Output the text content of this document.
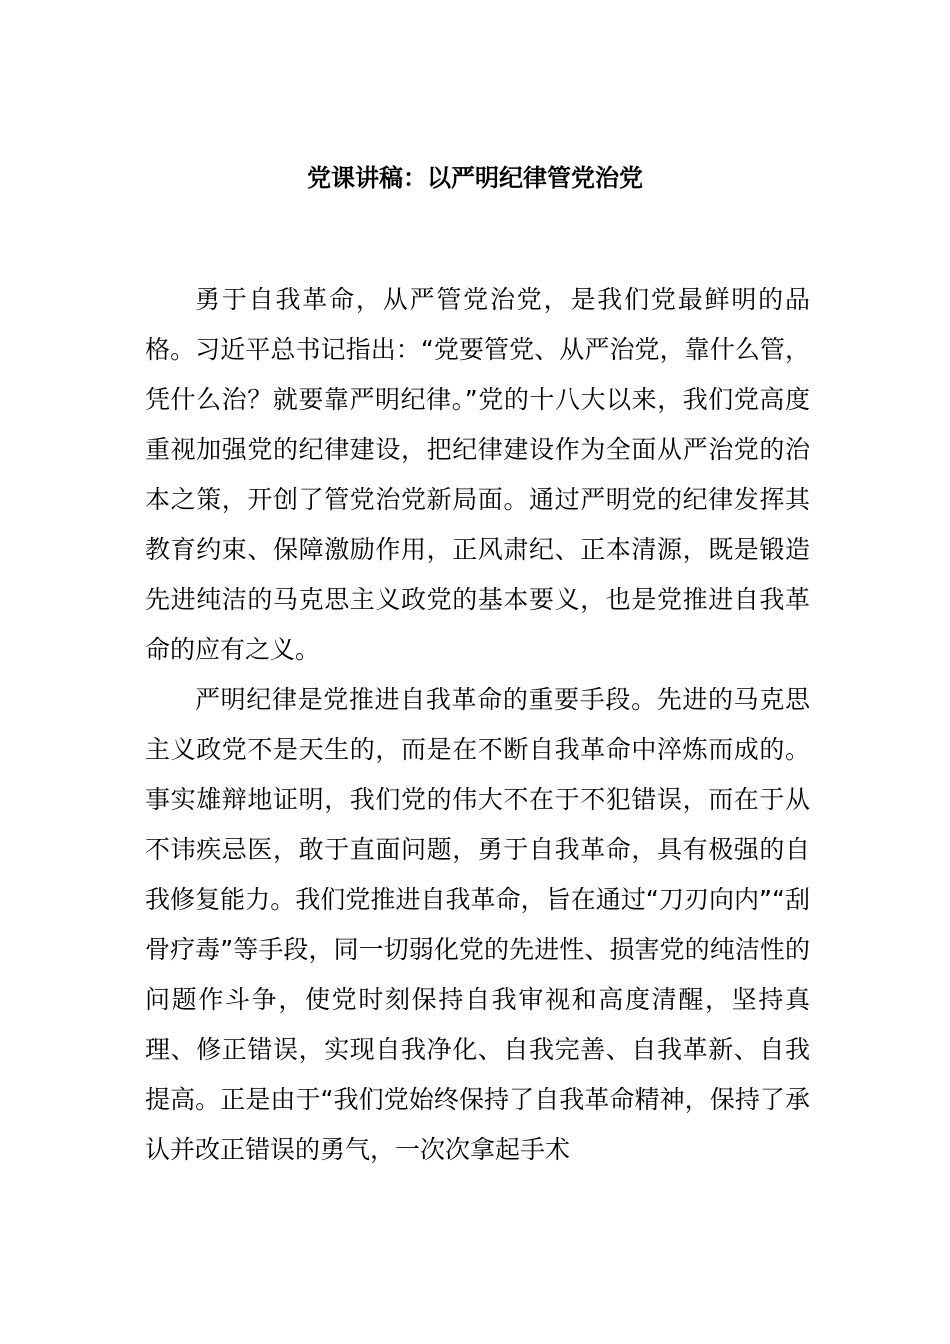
党课讲稿：以严明纪律管党治党

勇于自我革命，从严管党治党，是我们党最鲜明的品格。习近平总书记指出：“党要管党、从严治党，靠什么管，凭什么治？就要靠严明纪律。”党的十八大以来，我们党高度重视加强党的纪律建设，把纪律建设作为全面从严治党的治本之策，开创了管党治党新局面。通过严明党的纪律发挥其教育约束、保障激励作用，正风肃纪、正本清源，既是锻造先进纯洁的马克思主义政党的基本要义，也是党推进自我革命的应有之义。

严明纪律是党推进自我革命的重要手段。先进的马克思主义政党不是天生的，而是在不断自我革命中淬炼而成的。事实雄辩地证明，我们党的伟大不在于不犯错误，而在于从不讳疾忌医，敢于直面问题，勇于自我革命，具有极强的自我修复能力。我们党推进自我革命，旨在通过“刀刃向内”“刮骨疗毒”等手段，同一切弱化党的先进性、损害党的纯洁性的问题作斗争，使党时刻保持自我审视和高度清醒，坚持真理、修正错误，实现自我净化、自我完善、自我革新、自我提高。正是由于“我们党始终保持了自我革命精神，保持了承认并改正错误的勇气，一次次拿起手术
